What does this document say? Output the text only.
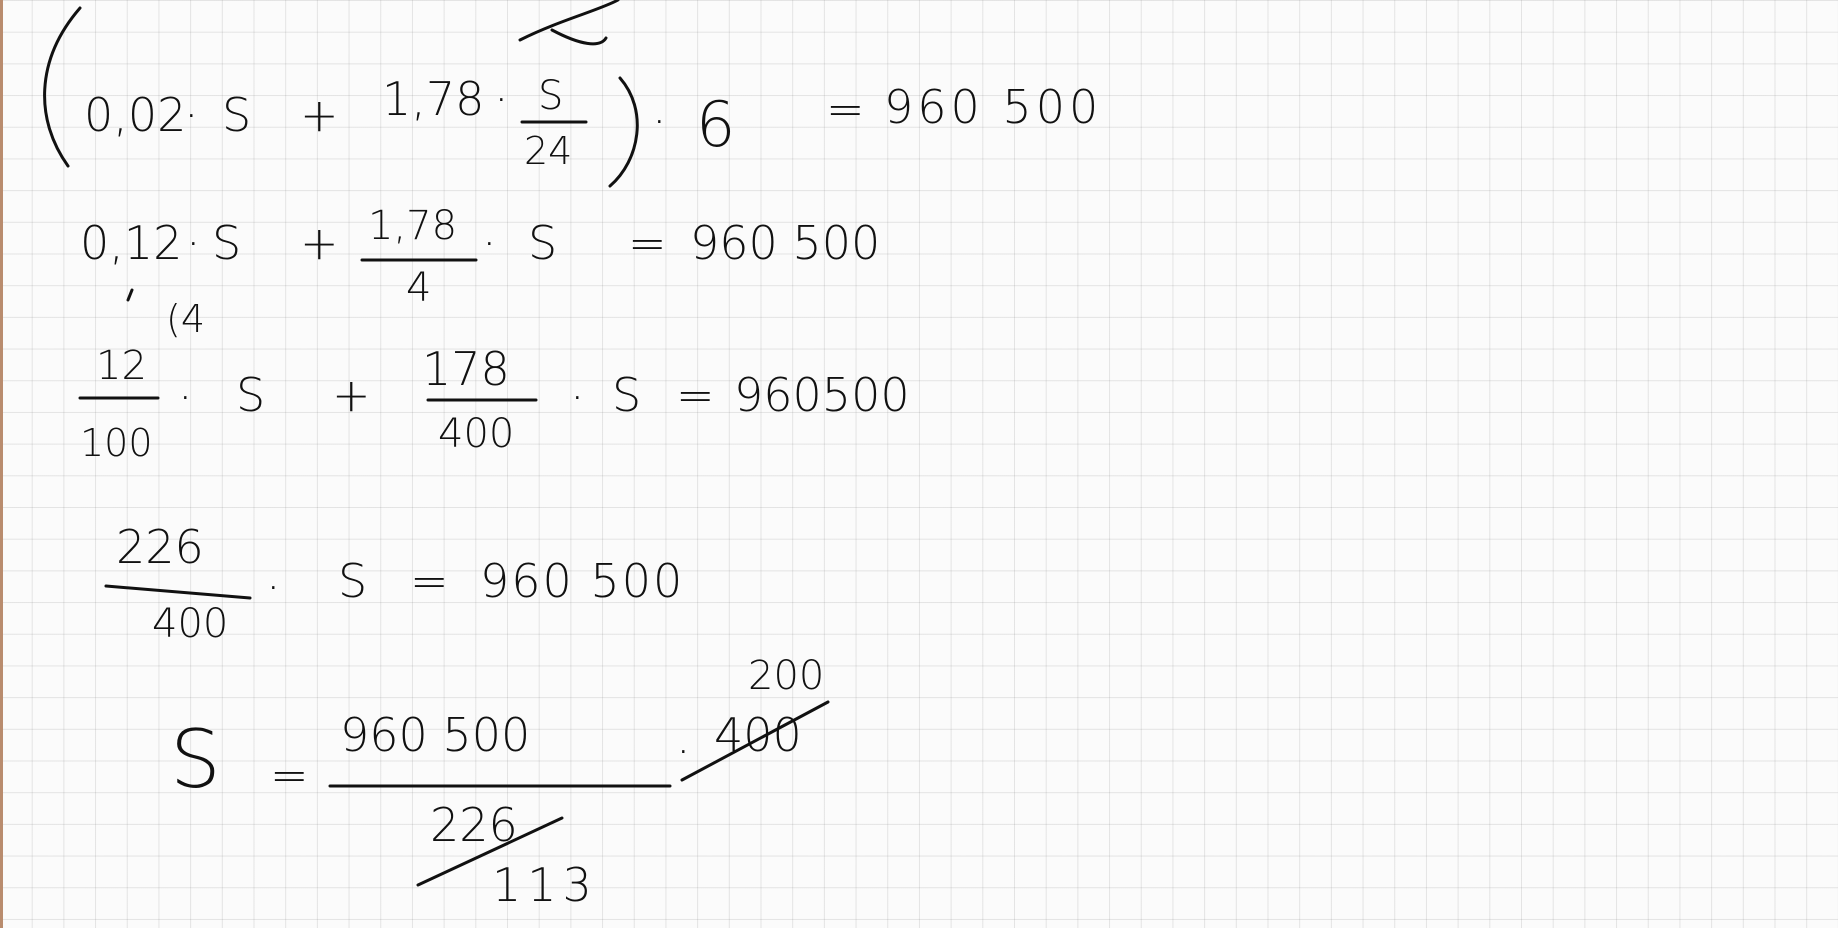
0,02
· S + 1,78 · S
24
· 6 = 960 500
0,12 · S + 1,78
4
· S = 960 500
(4
12
100
· S + 178
400
· S = 960500
226
400
· S = 960 500
S =
960 500
226
113
· 400
200
